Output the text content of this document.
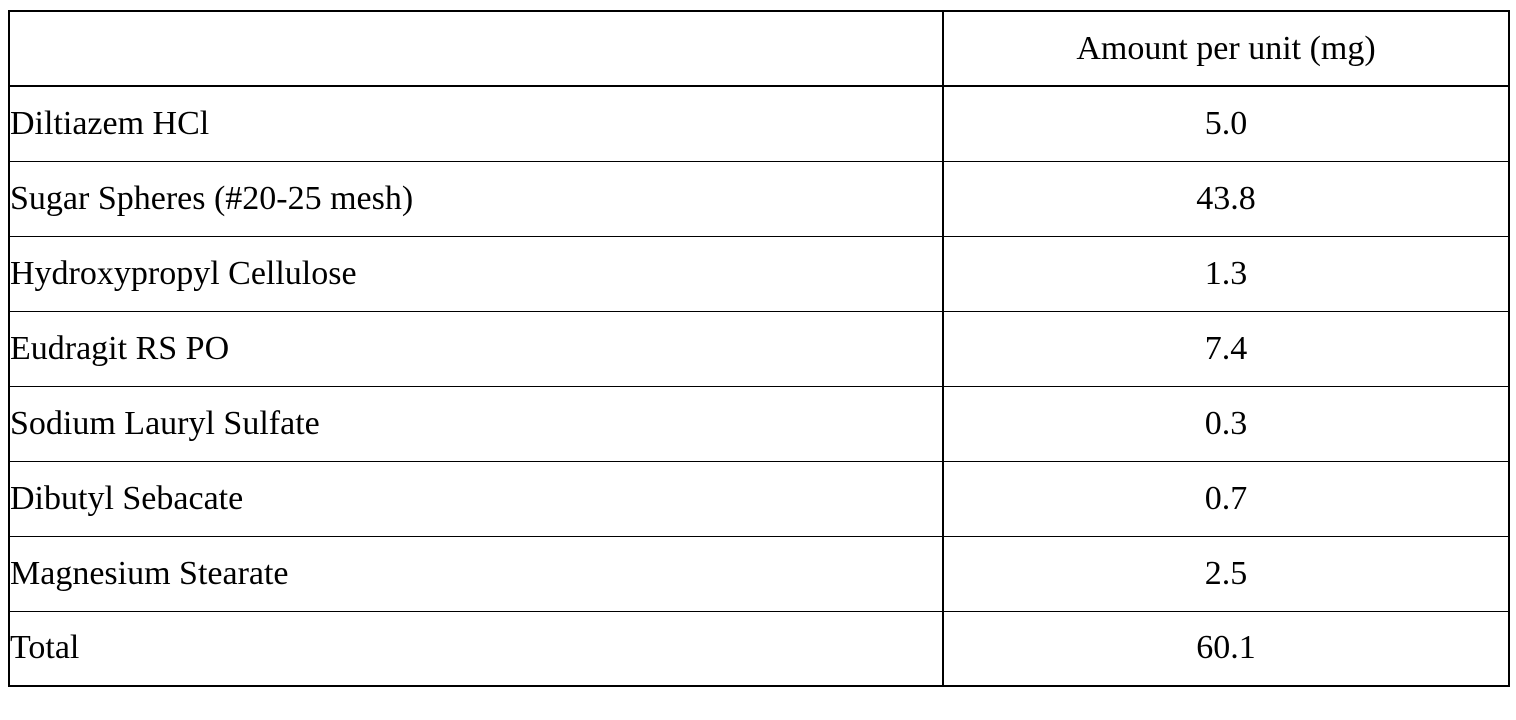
	Amount per unit (mg)
Diltiazem HCl	5.0
Sugar Spheres (#20-25 mesh)	43.8
Hydroxypropyl Cellulose	1.3
Eudragit RS PO	7.4
Sodium Lauryl Sulfate	0.3
Dibutyl Sebacate	0.7
Magnesium Stearate	2.5
Total	60.1
